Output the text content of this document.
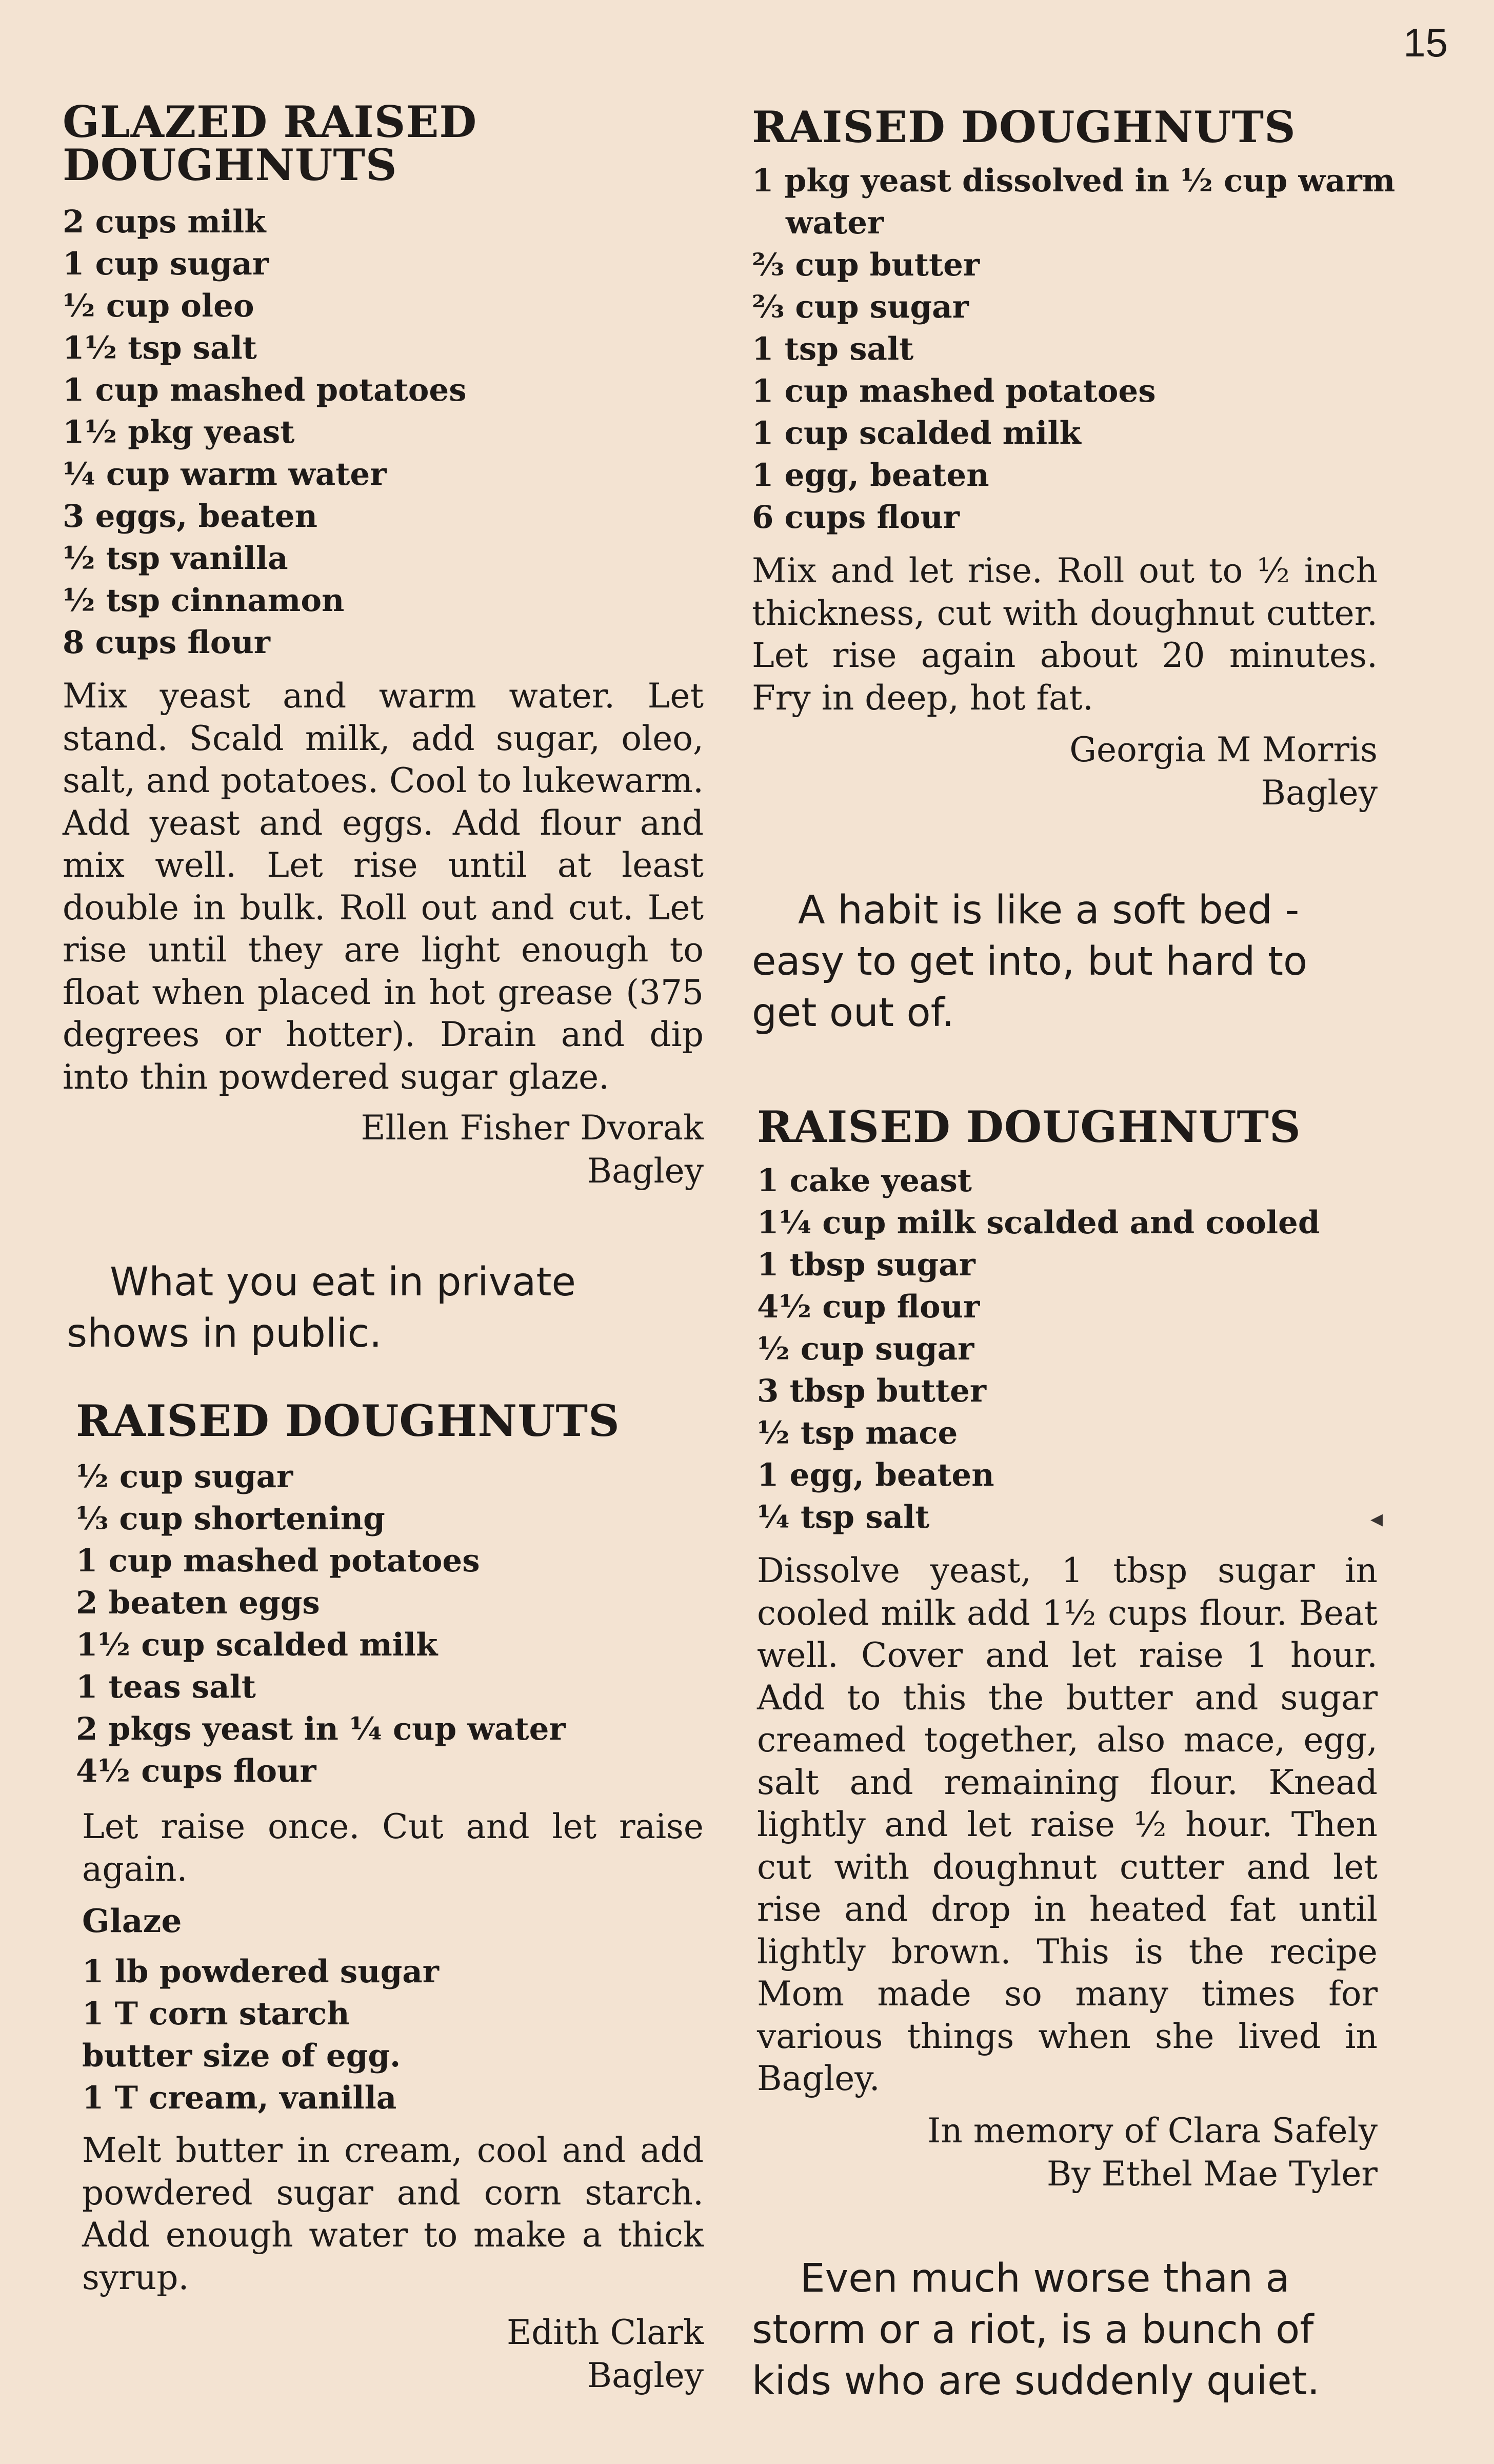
15
GLAZED RAISED
DOUGHNUTS
2 cups milk
1 cup sugar
½ cup oleo
1½ tsp salt
1 cup mashed potatoes
1½ pkg yeast
¼ cup warm water
3 eggs, beaten
½ tsp vanilla
½ tsp cinnamon
8 cups flour

Mix yeast and warm water. Let stand. Scald milk, add sugar, oleo, salt, and potatoes. Cool to lukewarm. Add yeast and eggs. Add flour and mix well. Let rise until at least double in bulk. Roll out and cut. Let rise until they are light enough to float when placed in hot grease (375 degrees or hotter). Drain and dip into thin powdered sugar glaze.

Ellen Fisher Dvorak

Bagley

What you eat in private

shows in public.

RAISED DOUGHNUTS
½ cup sugar
⅓ cup shortening
1 cup mashed potatoes
2 beaten eggs
1½ cup scalded milk
1 teas salt
2 pkgs yeast in ¼ cup water
4½ cups flour

Let raise once. Cut and let raise again.

Glaze

1 lb powdered sugar
1 T corn starch
butter size of egg.
1 T cream, vanilla

Melt butter in cream, cool and add powdered sugar and corn starch. Add enough water to make a thick syrup.

Edith Clark

Bagley

RAISED DOUGHNUTS
1 pkg yeast dissolved in ½ cup warm
water
⅔ cup butter
⅔ cup sugar
1 tsp salt
1 cup mashed potatoes
1 cup scalded milk
1 egg, beaten
6 cups flour

Mix and let rise. Roll out to ½ inch thickness, cut with doughnut cutter. Let rise again about 20 minutes. Fry in deep, hot fat.

Georgia M Morris

Bagley

A habit is like a soft bed -

easy to get into, but hard to

get out of.

RAISED DOUGHNUTS
1 cake yeast
1¼ cup milk scalded and cooled
1 tbsp sugar
4½ cup flour
½ cup sugar
3 tbsp butter
½ tsp mace
1 egg, beaten
¼ tsp salt

Dissolve yeast, 1 tbsp sugar in cooled milk add 1½ cups flour. Beat well. Cover and let raise 1 hour. Add to this the butter and sugar creamed together, also mace, egg, salt and remaining flour. Knead lightly and let raise ½ hour. Then cut with doughnut cutter and let rise and drop in heated fat until lightly brown. This is the recipe Mom made so many times for various things when she lived in Bagley.

In memory of Clara Safely

By Ethel Mae Tyler

Even much worse than a

storm or a riot, is a bunch of

kids who are suddenly quiet.

◂
